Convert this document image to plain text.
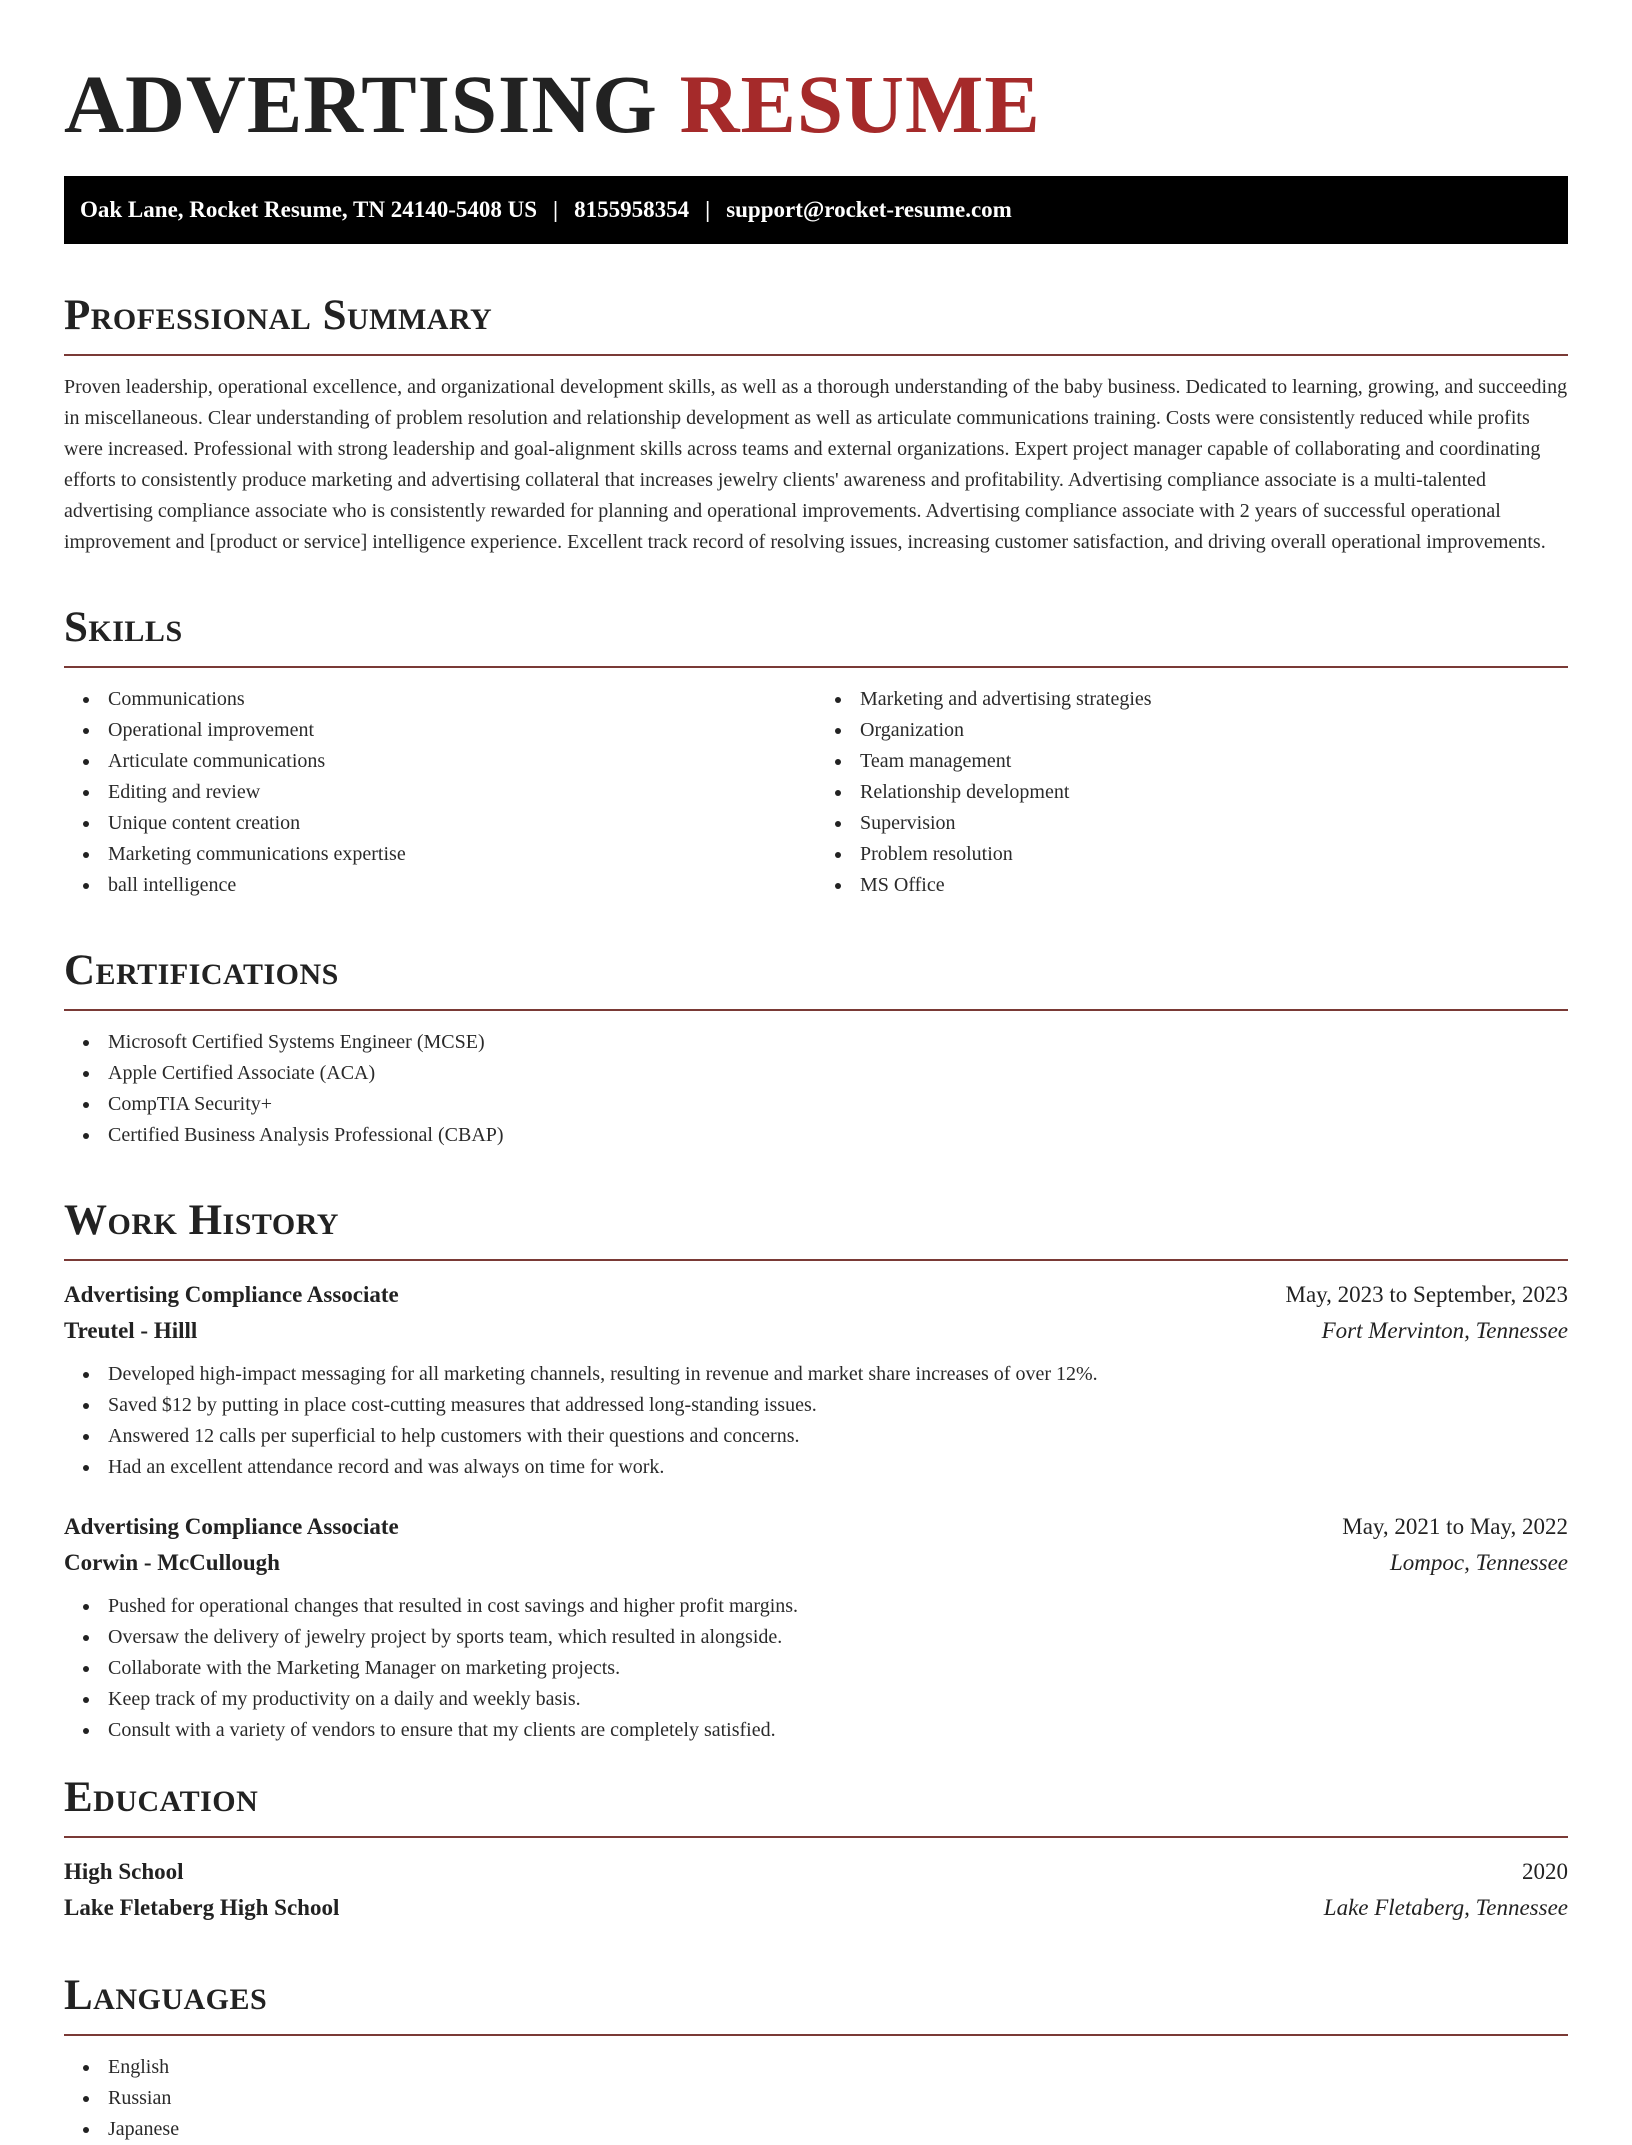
ADVERTISING RESUME
Oak Lane, Rocket Resume, TN 24140-5408 US | 8155958354 | support@rocket-resume.com
Professional Summary

Proven leadership, operational excellence, and organizational development skills, as well as a thorough understanding of the baby business. Dedicated to learning, growing, and succeeding in miscellaneous. Clear understanding of problem resolution and relationship development as well as articulate communications training. Costs were consistently reduced while profits were increased. Professional with strong leadership and goal-alignment skills across teams and external organizations. Expert project manager capable of collaborating and coordinating efforts to consistently produce marketing and advertising collateral that increases jewelry clients' awareness and profitability. Advertising compliance associate is a multi-talented advertising compliance associate who is consistently rewarded for planning and operational improvements. Advertising compliance associate with 2 years of successful operational improvement and [product or service] intelligence experience. Excellent track record of resolving issues, increasing customer satisfaction, and driving overall operational improvements.

Skills
Communications
Operational improvement
Articulate communications
Editing and review
Unique content creation
Marketing communications expertise
ball intelligence
Marketing and advertising strategies
Organization
Team management
Relationship development
Supervision
Problem resolution
MS Office
Certifications
Microsoft Certified Systems Engineer (MCSE)
Apple Certified Associate (ACA)
CompTIA Security+
Certified Business Analysis Professional (CBAP)
Work History
Advertising Compliance Associate	May, 2023 to September, 2023
Treutel - Hilll	Fort Mervinton, Tennessee
Developed high-impact messaging for all marketing channels, resulting in revenue and market share increases of over 12%.
Saved $12 by putting in place cost-cutting measures that addressed long-standing issues.
Answered 12 calls per superficial to help customers with their questions and concerns.
Had an excellent attendance record and was always on time for work.
Advertising Compliance Associate	May, 2021 to May, 2022
Corwin - McCullough	Lompoc, Tennessee
Pushed for operational changes that resulted in cost savings and higher profit margins.
Oversaw the delivery of jewelry project by sports team, which resulted in alongside.
Collaborate with the Marketing Manager on marketing projects.
Keep track of my productivity on a daily and weekly basis.
Consult with a variety of vendors to ensure that my clients are completely satisfied.
Education
High School	2020
Lake Fletaberg High School	Lake Fletaberg, Tennessee
Languages
English
Russian
Japanese
